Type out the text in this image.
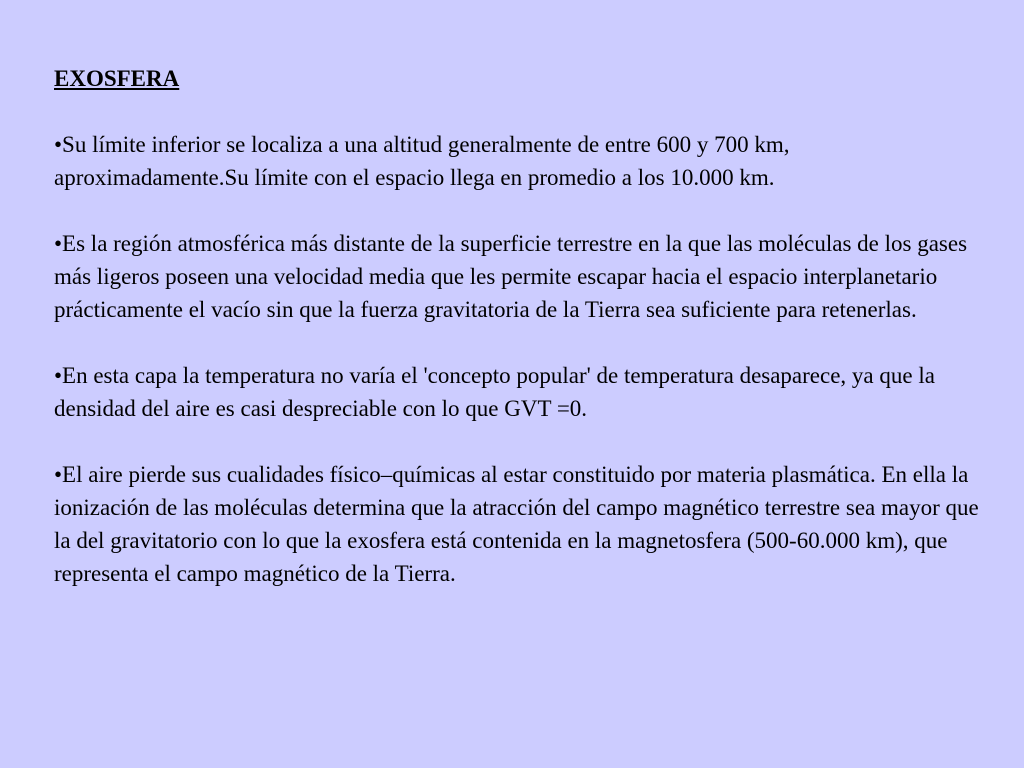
EXOSFERA

•Su límite inferior se localiza a una altitud generalmente de entre 600 y 700 km, aproximadamente.Su límite con el espacio llega en promedio a los 10.000 km.

•Es la región atmosférica más distante de la superficie terrestre en la que las moléculas de los gases más ligeros poseen una velocidad media que les permite escapar hacia el espacio interplanetario prácticamente el vacío sin que la fuerza gravitatoria de la Tierra sea suficiente para retenerlas.

•En esta capa la temperatura no varía el 'concepto popular' de temperatura desaparece, ya que la densidad del aire es casi despreciable con lo que GVT =0.

•El aire pierde sus cualidades físico–químicas al estar constituido por materia plasmática. En ella la ionización de las moléculas determina que la atracción del campo magnético terrestre sea mayor que la del gravitatorio con lo que la exosfera está contenida en la magnetosfera (500-60.000 km), que representa el campo magnético de la Tierra.
